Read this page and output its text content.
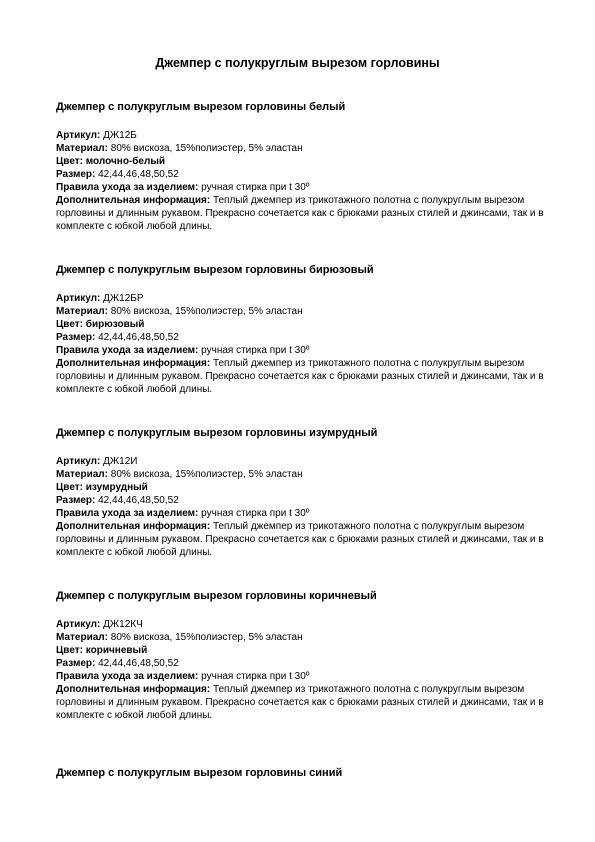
Джемпер с полукруглым вырезом горловины
Джемпер с полукруглым вырезом горловины белый
Артикул: ДЖ12Б
Материал: 80% вискоза, 15%полиэстер, 5% эластан
Цвет: молочно-белый
Размер: 42,44,46,48,50,52
Правила ухода за изделием: ручная стирка при t 30º
Дополнительная информация: Теплый джемпер из трикотажного полотна с полукруглым вырезом горловины и длинным рукавом. Прекрасно сочетается как с брюками разных стилей и джинсами, так и в комплекте с юбкой любой длины.
Джемпер с полукруглым вырезом горловины бирюзовый
Артикул: ДЖ12БР
Материал: 80% вискоза, 15%полиэстер, 5% эластан
Цвет: бирюзовый
Размер: 42,44,46,48,50,52
Правила ухода за изделием: ручная стирка при t 30º
Дополнительная информация: Теплый джемпер из трикотажного полотна с полукруглым вырезом горловины и длинным рукавом. Прекрасно сочетается как с брюками разных стилей и джинсами, так и в комплекте с юбкой любой длины.
Джемпер с полукруглым вырезом горловины изумрудный
Артикул: ДЖ12И
Материал: 80% вискоза, 15%полиэстер, 5% эластан
Цвет: изумрудный
Размер: 42,44,46,48,50,52
Правила ухода за изделием: ручная стирка при t 30º
Дополнительная информация: Теплый джемпер из трикотажного полотна с полукруглым вырезом горловины и длинным рукавом. Прекрасно сочетается как с брюками разных стилей и джинсами, так и в комплекте с юбкой любой длины.
Джемпер с полукруглым вырезом горловины коричневый
Артикул: ДЖ12КЧ
Материал: 80% вискоза, 15%полиэстер, 5% эластан
Цвет: коричневый
Размер: 42,44,46,48,50,52
Правила ухода за изделием: ручная стирка при t 30º
Дополнительная информация: Теплый джемпер из трикотажного полотна с полукруглым вырезом горловины и длинным рукавом. Прекрасно сочетается как с брюками разных стилей и джинсами, так и в комплекте с юбкой любой длины.
Джемпер с полукруглым вырезом горловины синий
